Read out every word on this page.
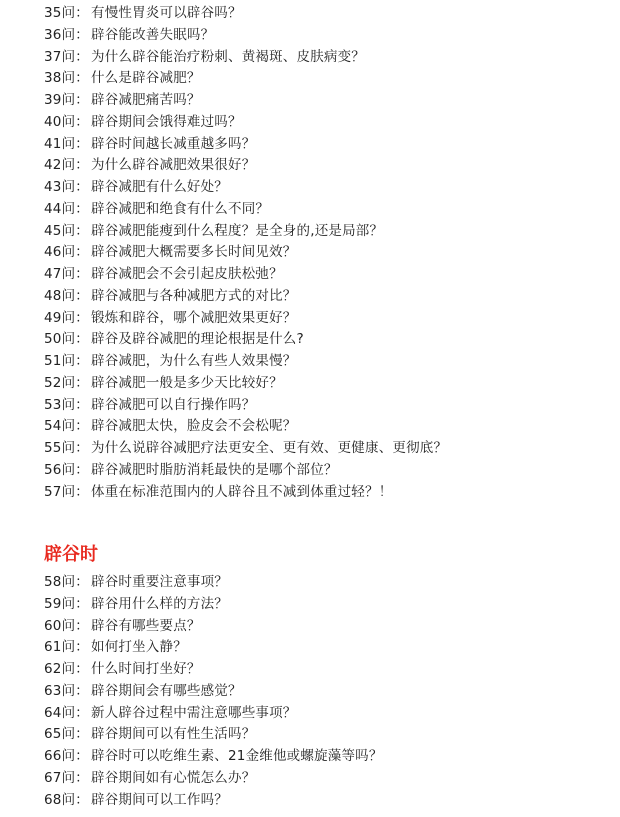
35问： 有慢性胃炎可以辟谷吗？
36问： 辟谷能改善失眠吗？
37问： 为什么辟谷能治疗粉刺、黄褐斑、皮肤病变？
38问： 什么是辟谷减肥？
39问： 辟谷减肥痛苦吗？
40问： 辟谷期间会饿得难过吗？
41问： 辟谷时间越长减重越多吗？
42问： 为什么辟谷减肥效果很好？
43问： 辟谷减肥有什么好处？
44问： 辟谷减肥和绝食有什么不同？
45问： 辟谷减肥能瘦到什么程度？是全身的,还是局部？
46问： 辟谷减肥大概需要多长时间见效？
47问： 辟谷减肥会不会引起皮肤松弛？
48问： 辟谷减肥与各种减肥方式的对比？
49问： 锻炼和辟谷，哪个减肥效果更好？
50问： 辟谷及辟谷减肥的理论根据是什么?
51问： 辟谷减肥，为什么有些人效果慢？
52问： 辟谷减肥一般是多少天比较好？
53问： 辟谷减肥可以自行操作吗？
54问： 辟谷减肥太快，脸皮会不会松呢？
55问： 为什么说辟谷减肥疗法更安全、更有效、更健康、更彻底？
56问： 辟谷减肥时脂肪消耗最快的是哪个部位？
57问： 体重在标准范围内的人辟谷且不减到体重过轻？！
辟谷时
58问： 辟谷时重要注意事项？
59问： 辟谷用什么样的方法？
60问： 辟谷有哪些要点？
61问： 如何打坐入静？
62问： 什么时间打坐好？
63问： 辟谷期间会有哪些感觉？
64问： 新人辟谷过程中需注意哪些事项？
65问： 辟谷期间可以有性生活吗？
66问： 辟谷时可以吃维生素、21金维他或螺旋藻等吗？
67问： 辟谷期间如有心慌怎么办？
68问： 辟谷期间可以工作吗？
